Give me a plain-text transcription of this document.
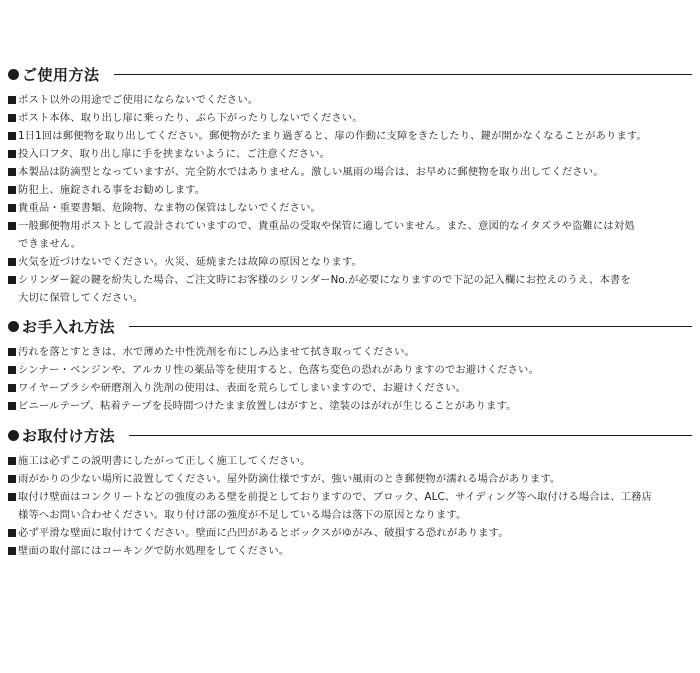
ご使用方法
ポスト以外の用途でご使用にならないでください。
ポスト本体、取り出し扉に乗ったり、ぶら下がったりしないでください。
1日1回は郵便物を取り出してください。郵便物がたまり過ぎると、扉の作動に支障をきたしたり、鍵が開かなくなることがあります。
投入口フタ、取り出し扉に手を挟まないように、ご注意ください。
本製品は防滴型となっていますが、完全防水ではありません。激しい風雨の場合は、お早めに郵便物を取り出してください。
防犯上、施錠される事をお勧めします。
貴重品・重要書類、危険物、なま物の保管はしないでください。
一般郵便物用ポストとして設計されていますので、貴重品の受取や保管に適していません。また、意図的なイタズラや盗難には対処
できません。
火気を近づけないでください。火災、延焼または故障の原因となります。
シリンダー錠の鍵を紛失した場合、ご注文時にお客様のシリンダーNo.が必要になりますので下記の記入欄にお控えのうえ、本書を
大切に保管してください。
お手入れ方法
汚れを落とすときは、水で薄めた中性洗剤を布にしみ込ませて拭き取ってください。
シンナー・ベンジンや、アルカリ性の薬品等を使用すると、色落ち変色の恐れがありますのでお避けください。
ワイヤーブラシや研磨剤入り洗剤の使用は、表面を荒らしてしまいますので、お避けください。
ビニールテープ、粘着テープを長時間つけたまま放置しはがすと、塗装のはがれが生じることがあります。
お取付け方法
施工は必ずこの説明書にしたがって正しく施工してください。
雨がかりの少ない場所に設置してください。屋外防滴仕様ですが、強い風雨のとき郵便物が濡れる場合があります。
取付け壁面はコンクリートなどの強度のある壁を前提としておりますので、ブロック、ALC、サイディング等へ取付ける場合は、工務店
様等へお問い合わせください。取り付け部の強度が不足している場合は落下の原因となります。
必ず平滑な壁面に取付けてください。壁面に凸凹があるとボックスがゆがみ、破損する恐れがあります。
壁面の取付部にはコーキングで防水処理をしてください。
